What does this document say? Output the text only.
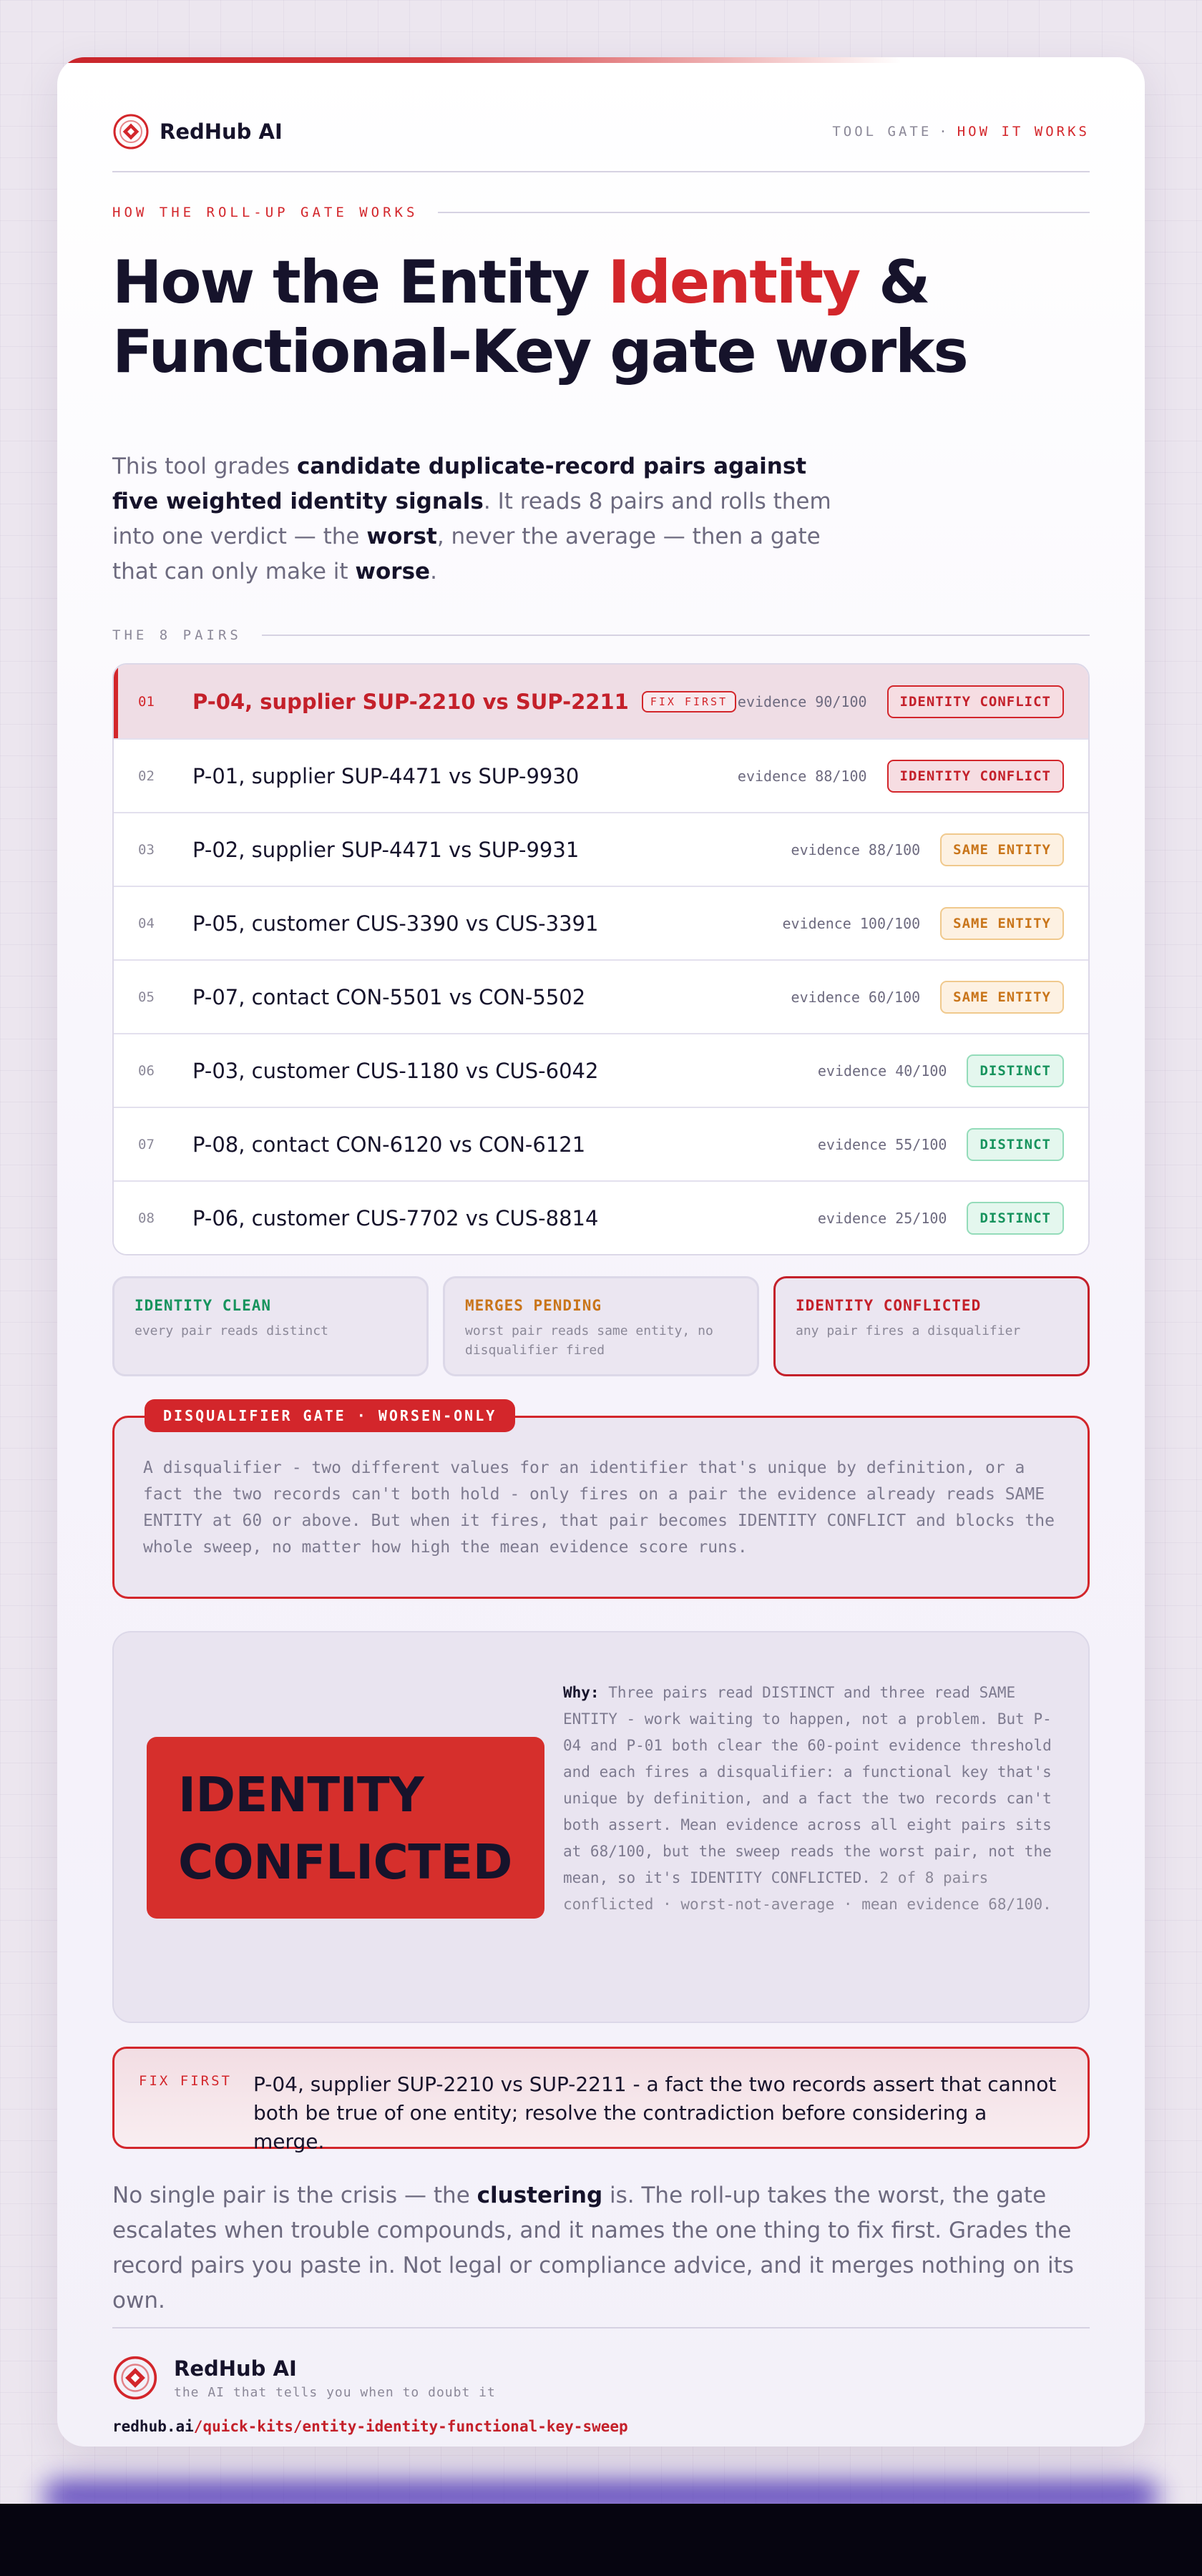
RedHub AI	TOOL GATE · HOW IT WORKS
HOW THE ROLL-UP GATE WORKS
How the Entity Identity & Functional-Key gate works

This tool grades candidate duplicate-record pairs against five weighted identity signals. It reads 8 pairs and rolls them into one verdict — the worst, never the average — then a gate that can only make it worse.

THE 8 PAIRS
01	P-04, supplier SUP-2210 vs SUP-2211	FIX FIRST evidence 90/100	IDENTITY CONFLICT
02	P-01, supplier SUP-4471 vs SUP-9930	evidence 88/100	IDENTITY CONFLICT
03	P-02, supplier SUP-4471 vs SUP-9931	evidence 88/100	SAME ENTITY
04	P-05, customer CUS-3390 vs CUS-3391	evidence 100/100	SAME ENTITY
05	P-07, contact CON-5501 vs CON-5502	evidence 60/100	SAME ENTITY
06	P-03, customer CUS-1180 vs CUS-6042	evidence 40/100	DISTINCT
07	P-08, contact CON-6120 vs CON-6121	evidence 55/100	DISTINCT
08	P-06, customer CUS-7702 vs CUS-8814	evidence 25/100	DISTINCT
IDENTITY CLEAN
every pair reads distinct
MERGES PENDING
worst pair reads same entity, no disqualifier fired
IDENTITY CONFLICTED
any pair fires a disqualifier
DISQUALIFIER GATE · WORSEN-ONLY

A disqualifier - two different values for an identifier that's unique by definition, or a fact the two records can't both hold - only fires on a pair the evidence already reads SAME ENTITY at 60 or above. But when it fires, that pair becomes IDENTITY CONFLICT and blocks the whole sweep, no matter how high the mean evidence score runs.

IDENTITY
CONFLICTED

Why: Three pairs read DISTINCT and three read SAME ENTITY - work waiting to happen, not a problem. But P-04 and P-01 both clear the 60-point evidence threshold and each fires a disqualifier: a functional key that's unique by definition, and a fact the two records can't both assert. Mean evidence across all eight pairs sits at 68/100, but the sweep reads the worst pair, not the mean, so it's IDENTITY CONFLICTED. 2 of 8 pairs conflicted · worst-not-average · mean evidence 68/100.

FIX FIRST P-04, supplier SUP-2210 vs SUP-2211 - a fact the two records assert that cannot both be true of one entity; resolve the contradiction before considering a merge.

No single pair is the crisis — the clustering is. The roll-up takes the worst, the gate escalates when trouble compounds, and it names the one thing to fix first. Grades the record pairs you paste in. Not legal or compliance advice, and it merges nothing on its own.

RedHub AI
the AI that tells you when to doubt it
redhub.ai/quick-kits/entity-identity-functional-key-sweep
